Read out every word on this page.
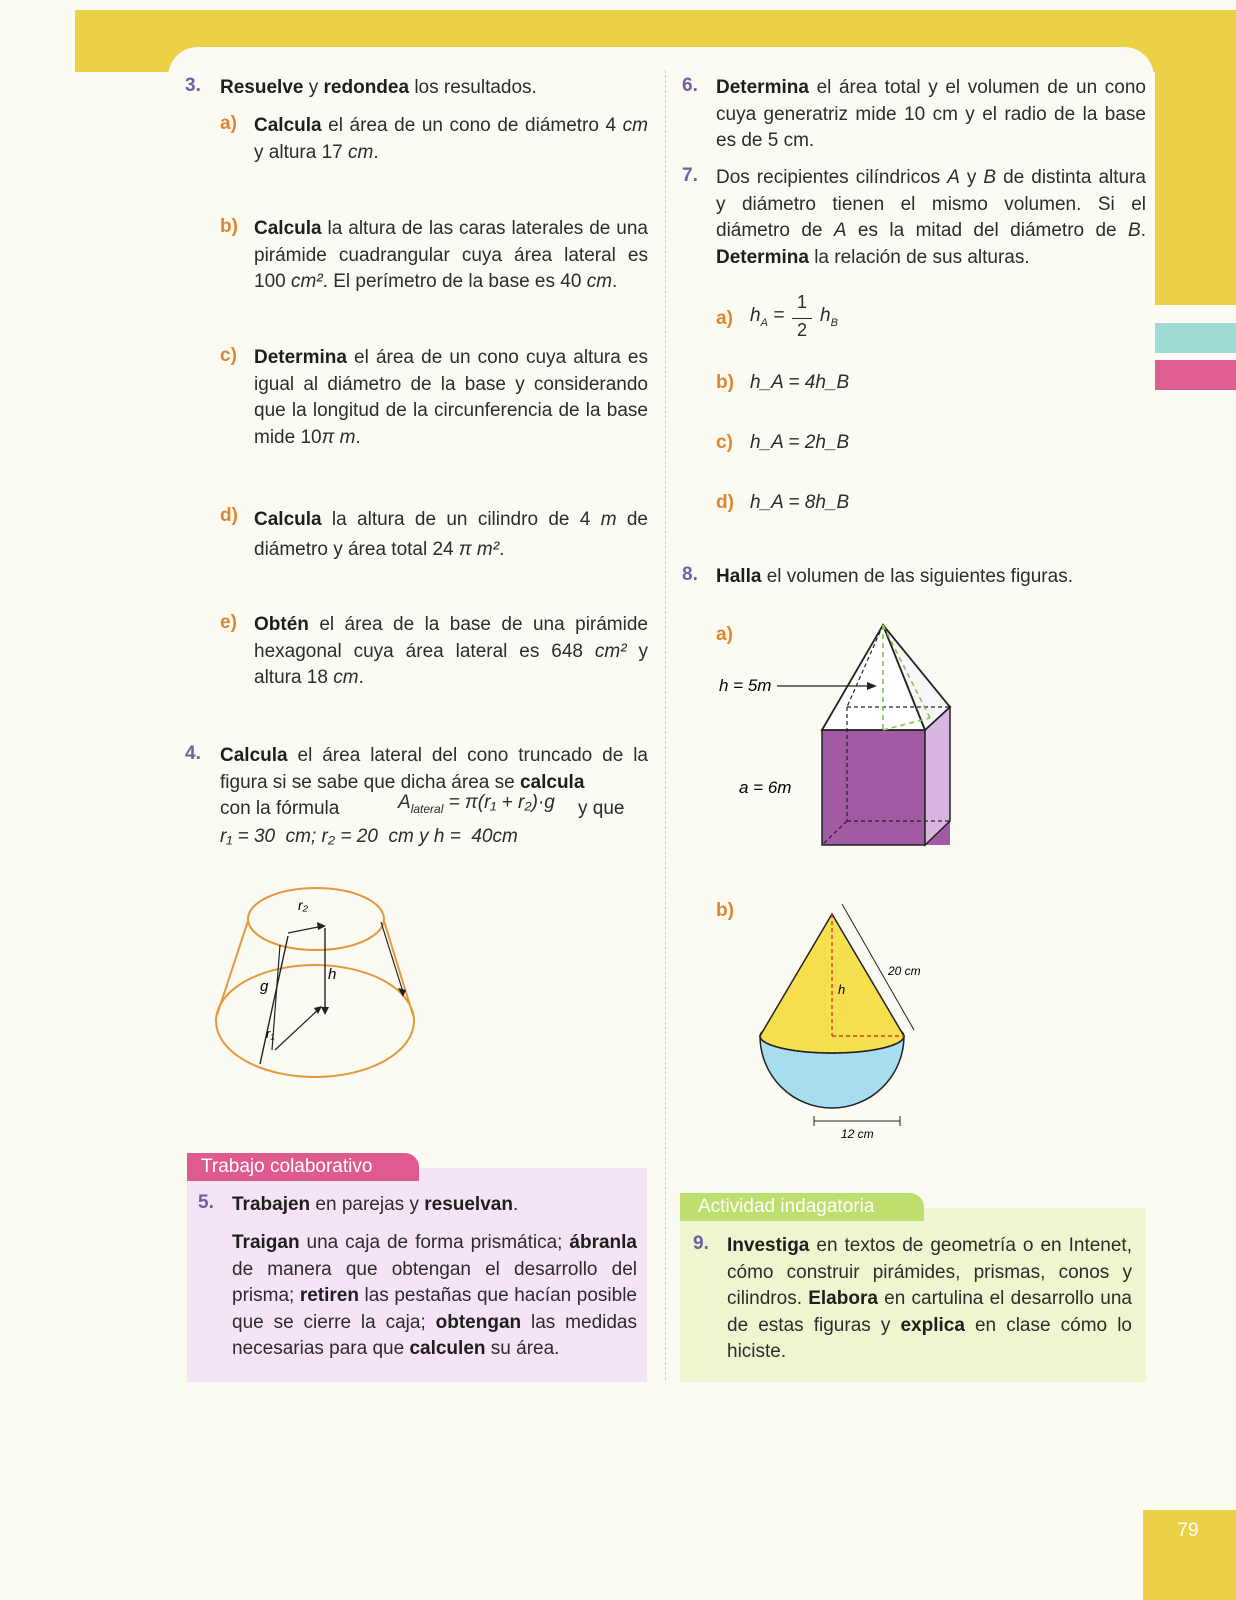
79
3. Resuelve y redondea los resultados.
a) Calcula el área de un cono de diámetro 4 cm y altura 17 cm.
b) Calcula la altura de las caras laterales de una pirámide cuadrangular cuya área lateral es 100 cm². El perímetro de la base es 40 cm.
c) Determina el área de un cono cuya altura es igual al diámetro de la base y considerando que la longitud de la circunferencia de la base mide 10π m.
d) Calcula la altura de un cilindro de 4 m de diámetro y área total 24 π m².
e) Obtén el área de la base de una pirámide hexagonal cuya área lateral es 648 cm² y altura 18 cm.
4. Calcula el área lateral del cono truncado de la figura si se sabe que dicha área se calcula
con la fórmula	$A_{lateral} = \pi(r_1 + r_2)\cdot g$ y que
r₁ = 30  cm; r₂ = 20  cm y h =  40cm
r₂
h
g
r₁
Trabajo colaborativo
5. Trabajen en parejas y resuelvan.
Traigan una caja de forma prismática; ábranla de manera que obtengan el desarrollo del prisma; retiren las pestañas que hacían posible que se cierre la caja; obtengan las medidas necesarias para que calculen su área.
6. Determina el área total y el volumen de un cono cuya generatriz mide 10 cm y el radio de la base es de 5 cm.
7. Dos recipientes cilíndricos A y B de distinta altura y diámetro tienen el mismo volumen. Si el diámetro de A es la mitad del diámetro de B. Determina la relación de sus alturas.
a) $h_A$ =
1
2
$h_B$
b) h_A = 4h_B
c) h_A = 2h_B
d) h_A = 8h_B
8. Halla el volumen de las siguientes figuras.
a)
h = 5m
a = 6m
b)
h
20 cm
12 cm
Actividad indagatoria
9. Investiga en textos de geometría o en Intenet, cómo construir pirámides, prismas, conos y cilindros. Elabora en cartulina el desarrollo una de estas figuras y explica en clase cómo lo hiciste.
